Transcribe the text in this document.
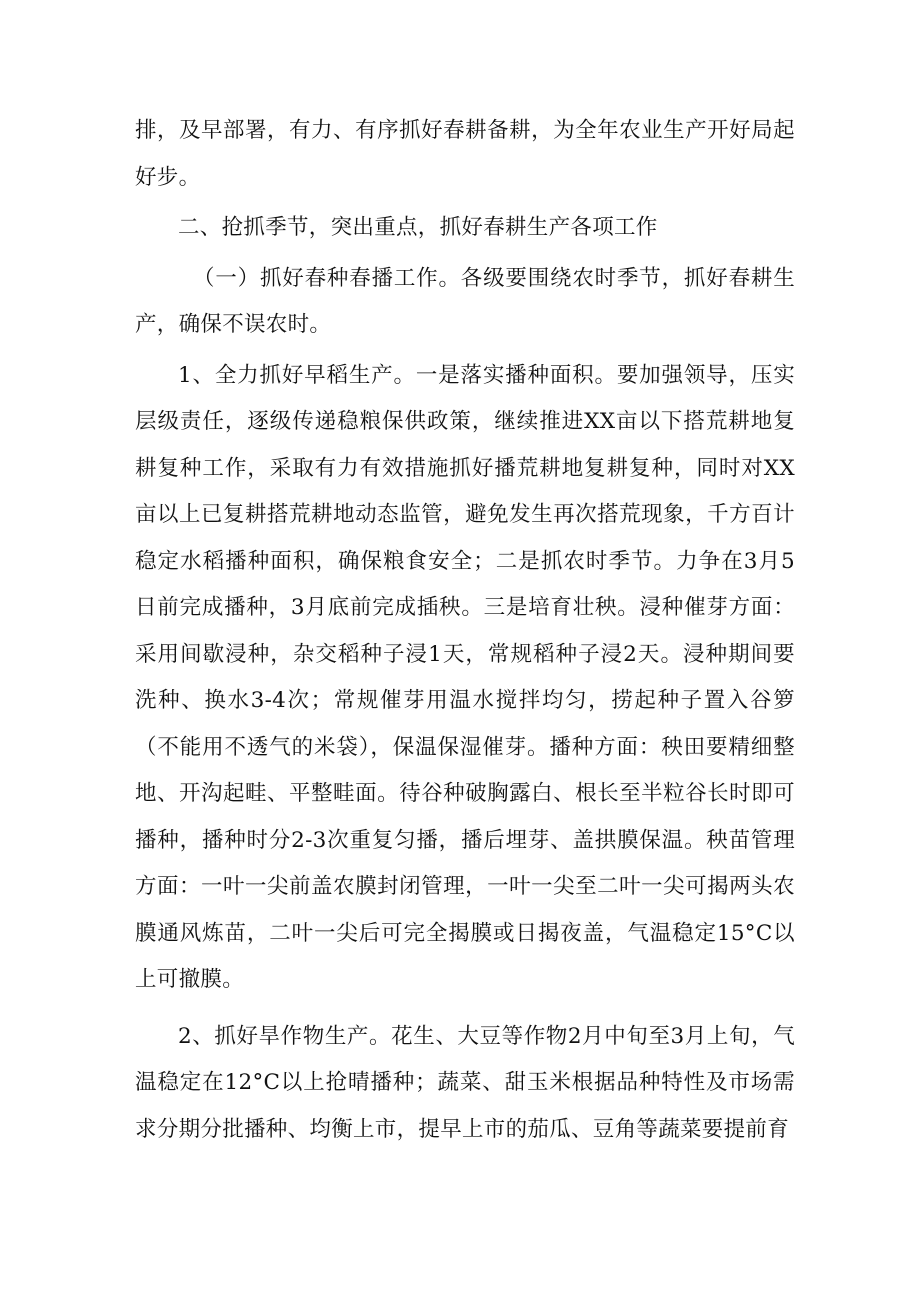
排，及早部署，有力、有序抓好春耕备耕，为全年农业生产开好局起好步。

二、抢抓季节，突出重点，抓好春耕生产各项工作

（一）抓好春种春播工作。各级要围绕农时季节，抓好春耕生产，确保不误农时。

1、全力抓好早稻生产。一是落实播种面积。要加强领导，压实层级责任，逐级传递稳粮保供政策，继续推进XX亩以下搭荒耕地复耕复种工作，采取有力有效措施抓好播荒耕地复耕复种，同时对XX亩以上已复耕搭荒耕地动态监管，避免发生再次搭荒现象，千方百计稳定水稻播种面积，确保粮食安全；二是抓农时季节。力争在3月5日前完成播种，3月底前完成插秧。三是培育壮秧。浸种催芽方面：采用间歇浸种，杂交稻种子浸1天，常规稻种子浸2天。浸种期间要洗种、换水3-4次；常规催芽用温水搅拌均匀，捞起种子置入谷箩（不能用不透气的米袋），保温保湿催芽。播种方面：秧田要精细整地、开沟起畦、平整畦面。待谷种破胸露白、根长至半粒谷长时即可播种，播种时分2-3次重复匀播，播后埋芽、盖拱膜保温。秧苗管理方面：一叶一尖前盖农膜封闭管理，一叶一尖至二叶一尖可揭两头农膜通风炼苗，二叶一尖后可完全揭膜或日揭夜盖，气温稳定15°C以上可撤膜。

2、抓好旱作物生产。花生、大豆等作物2月中旬至3月上旬，气温稳定在12°C以上抢晴播种；蔬菜、甜玉米根据品种特性及市场需求分期分批播种、均衡上市，提早上市的茄瓜、豆角等蔬菜要提前育
